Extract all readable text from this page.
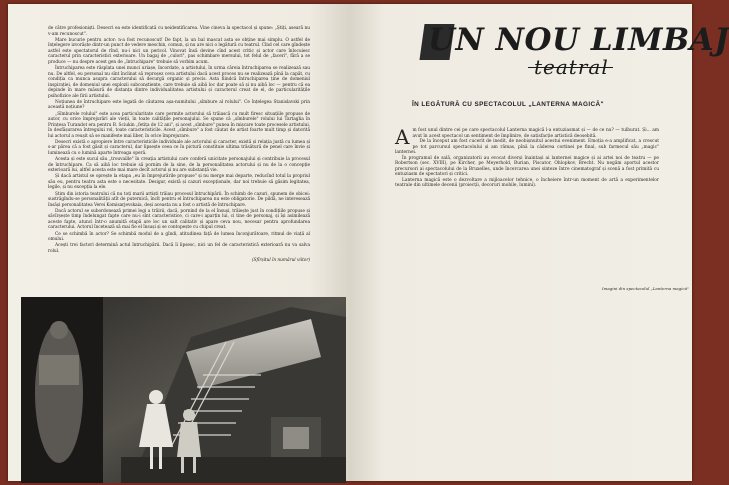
de către profesioniști. Desecri ea este identificată cu neidentificarea. Vine cineva la spectacol și spune: „Știți, aseară nu v-am recunoscut".

Mare bucurie pentru actor: n-a fost recunoscut! De fapt, la un bal mascat asta se obține mai simplu. O astfel de înțelegere izvorăște dintr-un punct de vedere meschin, comun, și nu are nici o legătură cu teatrul. Cînd cel care gîndește astfel este spectatorul de rînd, nu-i nici un pericol. Vinovat însă devine cînd acest critic și actor care înlocuiesc caracterul prin caracteristici exterioare. Un bagaj de „culori", pas schimbare mersului, tot felul de „faceri", fără a se produce — nu despre acest gen de „întruchipare" trebuie să vorbim acum.

Întruchiparea este răsplata unei munci uriașe, încordate, a artistului, în urma căreia întruchiparea se realizează sau nu. De altfel, eu personal nu sînt înclinat să reproșez ceva artistului dacă acest proces nu se realizează pînă la capăt, cu condiția ca munca asupra caracterului să decurgă organic și precis. Asta fiindcă întruchiparea ține de domeniul inspirației, de domeniul unei explozii subconștiente, care trebuie să aibă loc dar poate să și nu aibă loc — pentru că ea depinde în mare măsură de distanța dintre individualitatea artistului și caracterul creat de el, de particularitățile psihofizice ale firii artistului.

Noțiunea de întruchipare este legată de căutarea așa-numitului „sîmbure al rolului". Ce înțelegea Stanislavski prin această noțiune?

„Sîmburele rolului" este acea particularitate care permite actorului să trăiască cu mult firesc situațiile propuse de autor, cu orice împrejurări ale vieții, în toate calitățile personajului. Se spune că „sîmburele" rolului lui Tartaglia în Prințesa Turandot era pentru B. Sciukin „fetița de 12 ani", și acest „sîmbure" punea în mișcare toate procesele artistului, în desfășurarea întregului rol, toate caracteristicile. Acest „sîmbure" a fost căutat de artist foarte mult timp și datorită lui actorul a reușit să se manifeste mai liber, în orice împrejurare.

Desecri există o apropiere între caracteristicile individuale ale actorului și caracter, există și relația justă cu lumea și s-ar părea că a fost găsit și caracterul, dar lipsește ceea ce în pictură constituie ultima trăsătură de penel care învie și luminează cu o lumină aparte întreaga operă.

Acesta și este sucul său „trouvaille" în creația artistului care conferă unicitate personajului și contribuie la procesul de întruchipare. Ca să aibă loc trebuie să pornim de la sine, de la personalitatea actorului și nu de la o concepție exterioară lui, altfel acesta este mai mare decît actorul și nu are substanță vie.

Și dacă artistul se oprește la etapa „eu în împrejurările propuse" și nu merge mai departe, reducînd totul la propriul său eu, pentru teatru asta este o necesitate. Desigur, există și cazuri excepționale, dar noi trebuie să găsim legitatea, legile, și nu excepția la ele.

Știm din istoria teatrului că nu toți marii artiști trăiau procesul întruchipării. În schimb de cazuri, spunem de obicei: sustrăgîndu-se personalității atît de puternică, încît pentru el întruchiparea nu este obligatorie. De pildă, ne interesează însăși personalitatea Verei Komisarjevskaia, deși aceasta nu a fost o artistă de întruchipare.

Dacă actorul se subordonează primei legi a trăirii, dacă, pornind de la el însuși, trăiește just în condițiile propuse și săvîrșește timp îndelungat fapte care nu-i sînt caracteristice, ci care-i aparțin lui, ci tine de personaj, și își asimilează aceste fapte, atunci într-o anumită etapă are loc un salt calitativ și apare ceva nou, necesar pentru aprofundarea caracterului. Actorul încetează să mai fie el însuși și se contopește cu chipul creat.

Ce se schimbă în actor? Se schimbă modul de a gîndi, atitudinea față de lumea înconjurătoare, ritmul de viață al omului.

Acești trei factori determină actul întruchipării. Dacă îi lipsesc, nici un fel de caracteristică exterioară nu va salva rolul.

(Sfîrșitul în numărul viitor)

UN NOU LIMBAJ
teatral
ÎN LEGĂTURĂ CU SPECTACOLUL „LANTERNA MAGICĂ"
A m fost unul dintre cei pe care spectacolul Lanterna magică l-a entuziasmat și — de ce nu? — tulburat. Și... am avut în acest spectacol un sentiment de împlinire, de satisfacție artistică deosebită.

De la început am fost cucerit de inedit, de neobișnuitul acestui eveniment. Emoția e-a amplificat, a crescut pe tot parcursul spectacolului și am rămas, pînă la căderea cortinei pe final, sub farmecul său „magic" lanternei.

În programul de sală, organizatorii au evocat diverși înaintași ai lanternei magice și ai artei noi de teatru — pe Robertson (sec. XVIII), pe Kircher, pe Meyerhold, Burian, Piscator, Ohlopkov, Brecht. Nu negăm aportul acestor precursori ai spectacolului de la Bruxelles, unde încercarea unei sinteze între cinematograf și scenă a fost primită cu entuziasm de spectatori și critici.

Lanterna magică este o dezvoltare a mijloacelor tehnice, o încheiere într-un moment de artă a experimentelor teatrale din ultimele decenii (proiecții, decoruri mobile, lumini).

Imagini din spectacolul „Lanterna magică"
